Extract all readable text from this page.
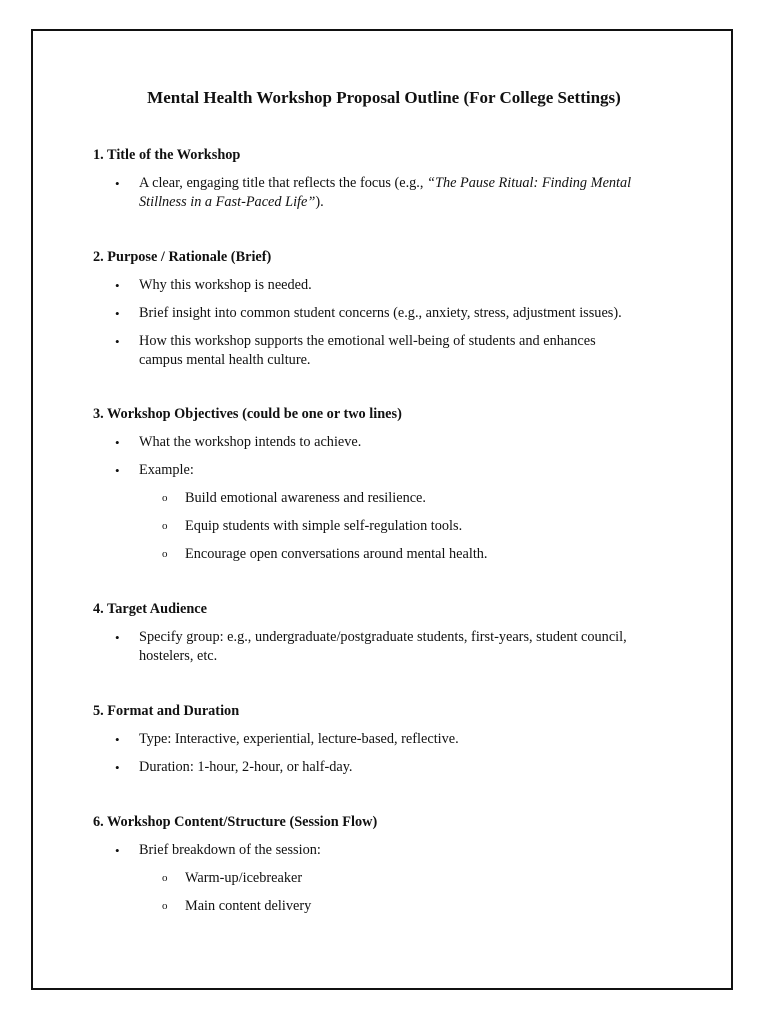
Mental Health Workshop Proposal Outline (For College Settings)

1. Title of the Workshop

• A clear, engaging title that reflects the focus (e.g., “The Pause Ritual: Finding Mental
Stillness in a Fast-Paced Life”).

2. Purpose / Rationale (Brief)

• Why this workshop is needed.

• Brief insight into common student concerns (e.g., anxiety, stress, adjustment issues).

• How this workshop supports the emotional well-being of students and enhances
campus mental health culture.

3. Workshop Objectives (could be one or two lines)

• What the workshop intends to achieve.

• Example:

o Build emotional awareness and resilience.

o Equip students with simple self-regulation tools.

o Encourage open conversations around mental health.

4. Target Audience

• Specify group: e.g., undergraduate/postgraduate students, first-years, student council,
hostelers, etc.

5. Format and Duration

• Type: Interactive, experiential, lecture-based, reflective.

• Duration: 1-hour, 2-hour, or half-day.

6. Workshop Content/Structure (Session Flow)

• Brief breakdown of the session:

o Warm-up/icebreaker

o Main content delivery
